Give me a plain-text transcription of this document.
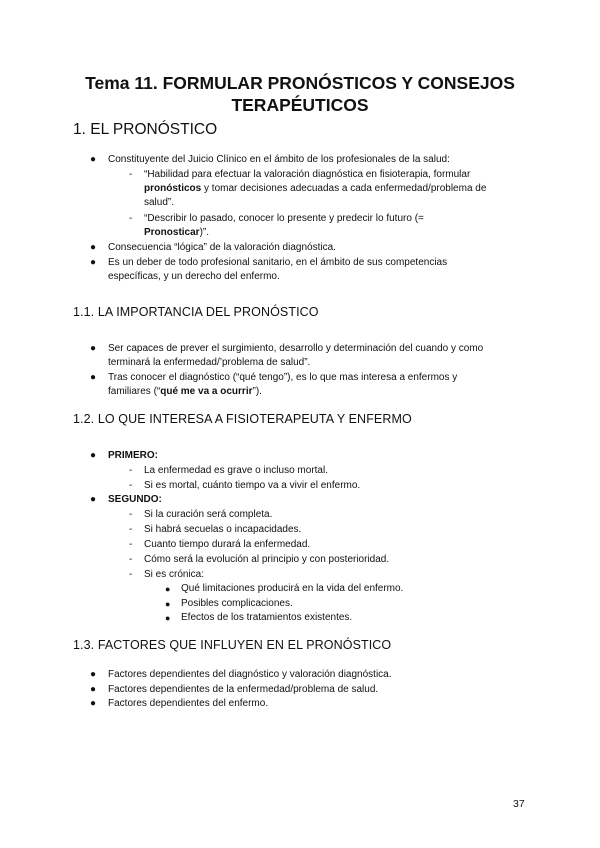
Tema 11. FORMULAR PRONÓSTICOS Y CONSEJOS
TERAPÉUTICOS
1. EL PRONÓSTICO
● Constituyente del Juicio Clínico en el ámbito de los profesionales de la salud:
- “Habilidad para efectuar la valoración diagnóstica en fisioterapia, formular
pronósticos y tomar decisiones adecuadas a cada enfermedad/problema de
salud”.
- “Describir lo pasado, conocer lo presente y predecir lo futuro (=
Pronosticar)”.
● Consecuencia “lógica” de la valoración diagnóstica.
● Es un deber de todo profesional sanitario, en el ámbito de sus competencias
específicas, y un derecho del enfermo.
1.1. LA IMPORTANCIA DEL PRONÓSTICO
● Ser capaces de prever el surgimiento, desarrollo y determinación del cuando y como
terminará la enfermedad/’problema de salud”.
● Tras conocer el diagnóstico (“qué tengo”), es lo que mas interesa a enfermos y
familiares (“qué me va a ocurrir”).
1.2. LO QUE INTERESA A FISIOTERAPEUTA Y ENFERMO
● PRIMERO:
- La enfermedad es grave o incluso mortal.
- Si es mortal, cuánto tiempo va a vivir el enfermo.
● SEGUNDO:
- Si la curación será completa.
- Si habrá secuelas o incapacidades.
- Cuanto tiempo durará la enfermedad.
- Cómo será la evolución al principio y con posterioridad.
- Si es crónica:
● Qué limitaciones producirá en la vida del enfermo.
● Posibles complicaciones.
● Efectos de los tratamientos existentes.
1.3. FACTORES QUE INFLUYEN EN EL PRONÓSTICO
● Factores dependientes del diagnóstico y valoración diagnóstica.
● Factores dependientes de la enfermedad/problema de salud.
● Factores dependientes del enfermo.
37
